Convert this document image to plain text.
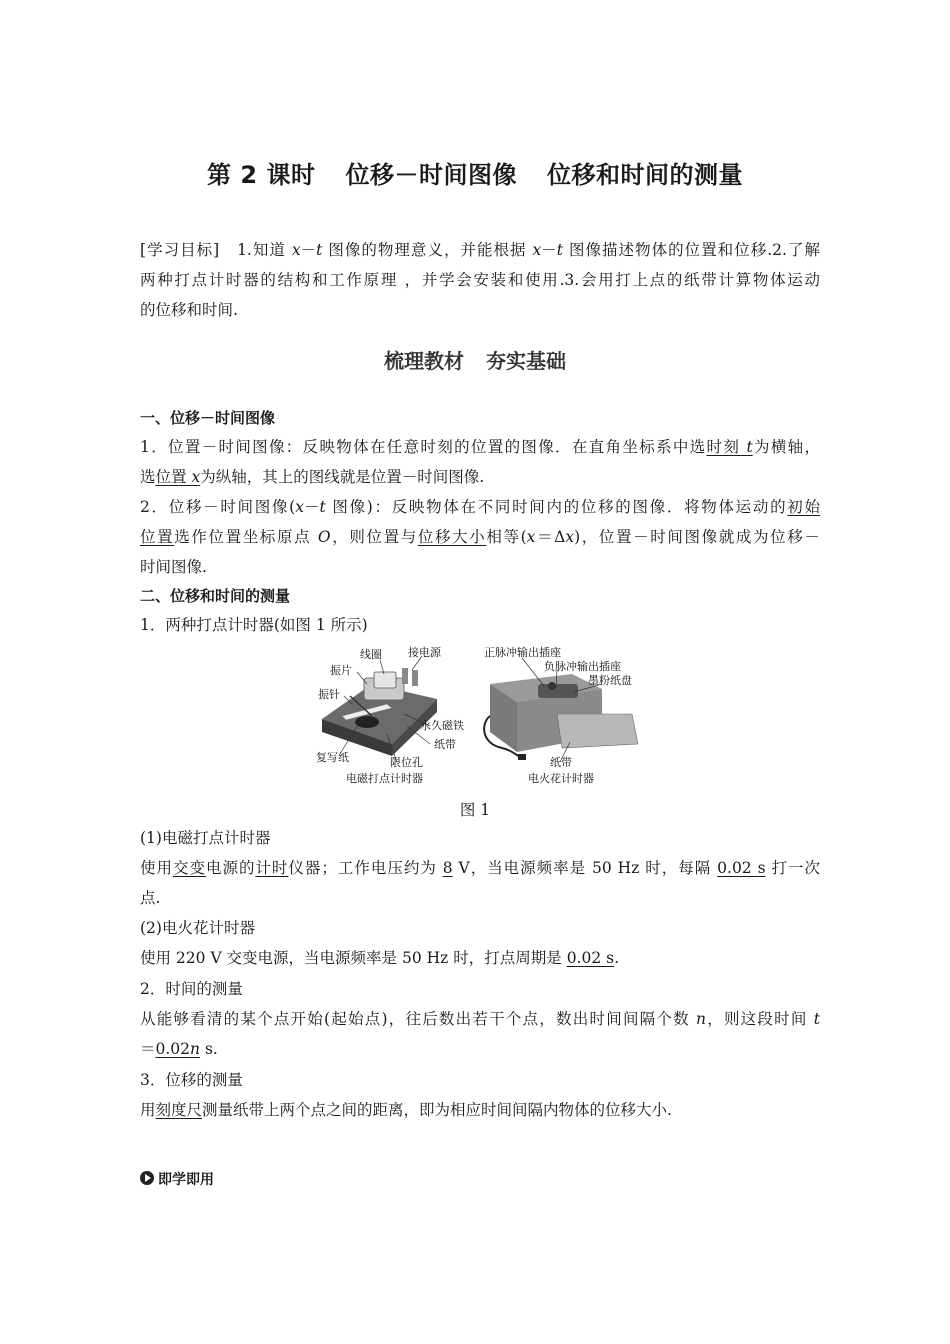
第 2 课时 位移－时间图像 位移和时间的测量
[学习目标] 1.知道 x－t 图像的物理意义，并能根据 x－t 图像描述物体的位置和位移.2.了解
两种打点计时器的结构和工作原理 ，并学会安装和使用.3.会用打上点的纸带计算物体运动
的位移和时间.
梳理教材 夯实基础
一、位移－时间图像
1．位置－时间图像：反映物体在任意时刻的位置的图像．在直角坐标系中选时刻 t为横轴，
选位置 x为纵轴，其上的图线就是位置－时间图像.
2．位移－时间图像(x－t 图像)：反映物体在不同时间内的位移的图像．将物体运动的初始
位置选作位置坐标原点 O，则位置与位移大小相等(x＝Δx)，位置－时间图像就成为位移－
时间图像.
二、位移和时间的测量
1．两种打点计时器(如图 1 所示)
线圈 接电源
振片
振针
永久磁铁
纸带
复写纸	限位孔
电磁打点计时器
正脉冲输出插座
负脉冲输出插座
墨粉纸盘
纸带
电火花计时器
图 1
(1)电磁打点计时器
使用交变电源的计时仪器；工作电压约为 8 V，当电源频率是 50 Hz 时，每隔 0.02 s 打一次
点.
(2)电火花计时器
使用 220 V 交变电源，当电源频率是 50 Hz 时，打点周期是 0.02 s.
2．时间的测量
从能够看清的某个点开始(起始点)，往后数出若干个点，数出时间间隔个数 n，则这段时间 t
＝0.02n s.
3．位移的测量
用刻度尺测量纸带上两个点之间的距离，即为相应时间间隔内物体的位移大小.
即学即用
